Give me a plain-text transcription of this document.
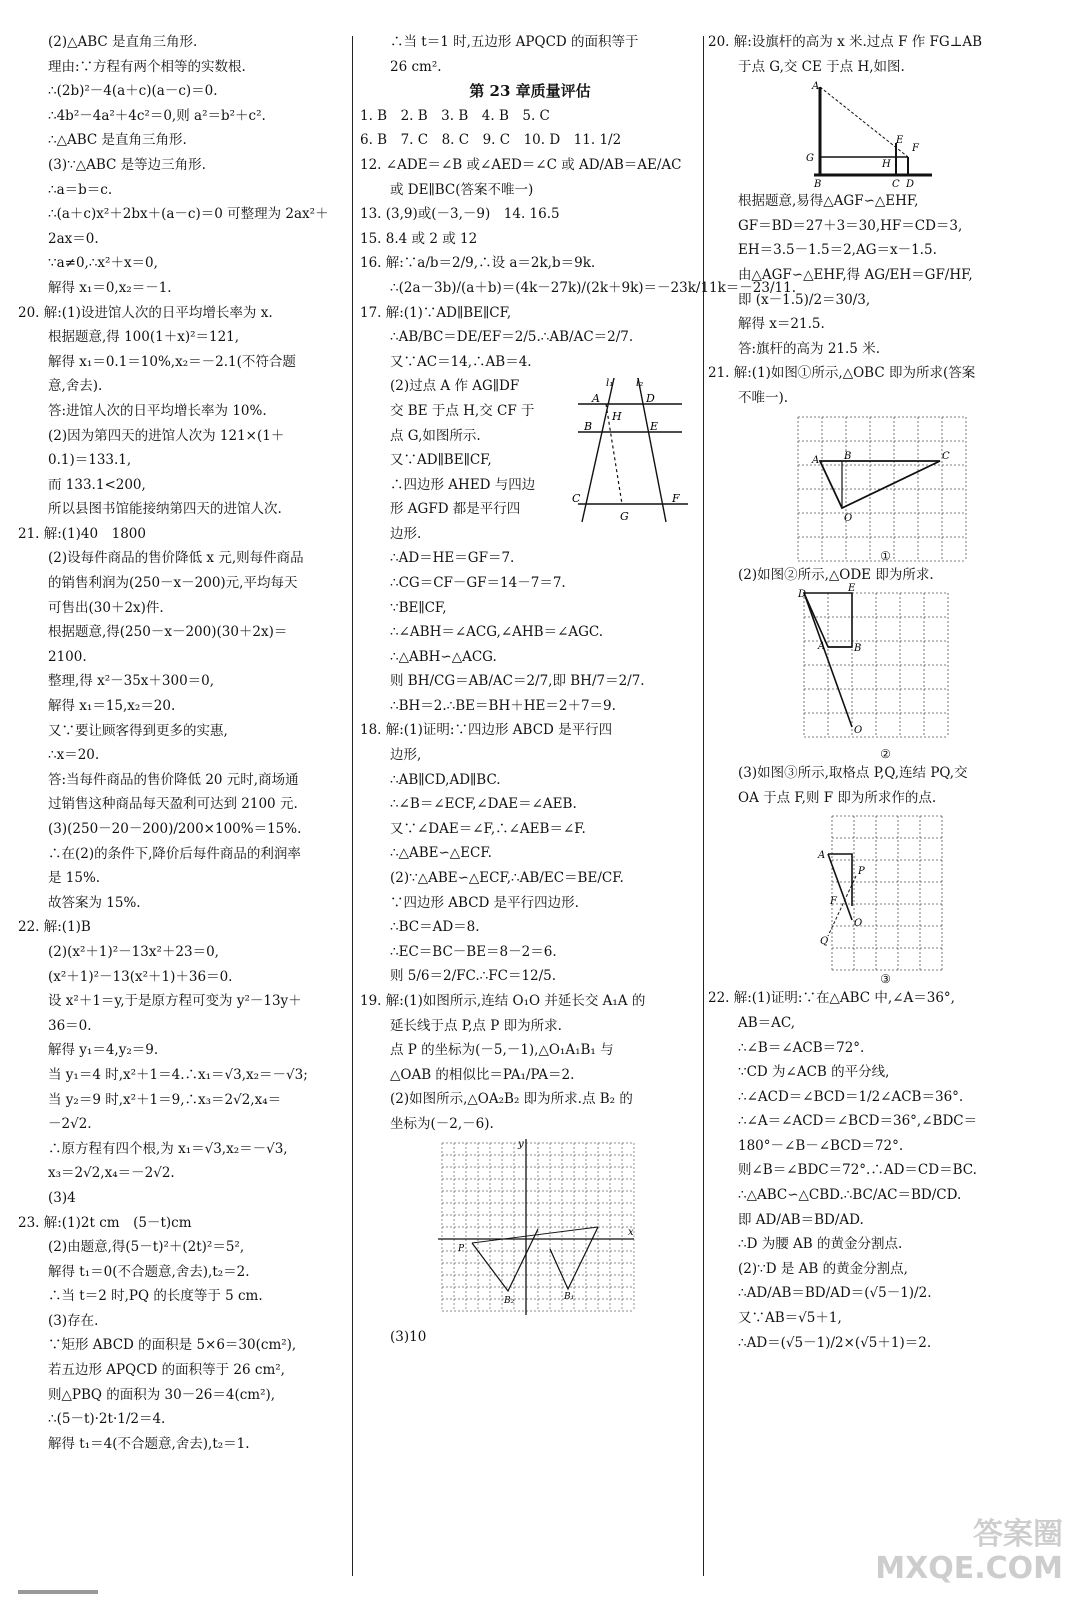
(2)△ABC 是直角三角形.
理由:∵方程有两个相等的实数根.
∴(2b)²－4(a＋c)(a－c)＝0.
∴4b²－4a²＋4c²＝0,则 a²＝b²＋c².
∴△ABC 是直角三角形.
(3)∵△ABC 是等边三角形.
∴a＝b＝c.
∴(a＋c)x²＋2bx＋(a－c)＝0 可整理为 2ax²＋
2ax＝0.
∵a≠0,∴x²＋x＝0,
解得 x₁＝0,x₂＝－1.
20. 解:(1)设进馆人次的日平均增长率为 x.
根据题意,得 100(1＋x)²＝121,
解得 x₁＝0.1＝10%,x₂＝－2.1(不符合题
意,舍去).
答:进馆人次的日平均增长率为 10%.
(2)因为第四天的进馆人次为 121×(1＋
0.1)＝133.1,
而 133.1<200,
所以县图书馆能接纳第四天的进馆人次.
21. 解:(1)40　1800
(2)设每件商品的售价降低 x 元,则每件商品
的销售利润为(250－x－200)元,平均每天
可售出(30＋2x)件.
根据题意,得(250－x－200)(30＋2x)＝
2100.
整理,得 x²－35x＋300＝0,
解得 x₁＝15,x₂＝20.
又∵要让顾客得到更多的实惠,
∴x＝20.
答:当每件商品的售价降低 20 元时,商场通
过销售这种商品每天盈利可达到 2100 元.
(3)(250－20－200)/200×100%＝15%.
∴在(2)的条件下,降价后每件商品的利润率
是 15%.
故答案为 15%.
22. 解:(1)B
(2)(x²＋1)²－13x²＋23＝0,
(x²＋1)²－13(x²＋1)＋36＝0.
设 x²＋1＝y,于是原方程可变为 y²－13y＋
36＝0.
解得 y₁＝4,y₂＝9.
当 y₁＝4 时,x²＋1＝4.∴x₁＝√3,x₂＝－√3;
当 y₂＝9 时,x²＋1＝9,∴x₃＝2√2,x₄＝
－2√2.
∴原方程有四个根,为 x₁＝√3,x₂＝－√3,
x₃＝2√2,x₄＝－2√2.
(3)4
23. 解:(1)2t cm　(5－t)cm
(2)由题意,得(5－t)²＋(2t)²＝5²,
解得 t₁＝0(不合题意,舍去),t₂＝2.
∴当 t＝2 时,PQ 的长度等于 5 cm.
(3)存在.
∵矩形 ABCD 的面积是 5×6＝30(cm²),
若五边形 APQCD 的面积等于 26 cm²,
则△PBQ 的面积为 30－26＝4(cm²),
∴(5－t)·2t·1/2＝4.
解得 t₁＝4(不合题意,舍去),t₂＝1.
∴当 t＝1 时,五边形 APQCD 的面积等于
26 cm².
第 23 章质量评估
1. B　2. B　3. B　4. B　5. C
6. B　7. C　8. C　9. C　10. D　11. 1/2
12. ∠ADE＝∠B 或∠AED＝∠C 或 AD/AB＝AE/AC
或 DE∥BC(答案不唯一)
13. (3,9)或(－3,－9)　14. 16.5
15. 8.4 或 2 或 12
16. 解:∵a/b＝2/9,∴设 a＝2k,b＝9k.
∴(2a－3b)/(a＋b)＝(4k－27k)/(2k＋9k)＝－23k/11k＝－23/11.
17. 解:(1)∵AD∥BE∥CF,
∴AB/BC＝DE/EF＝2/5.∴AB/AC＝2/7.
又∵AC＝14,∴AB＝4.
(2)过点 A 作 AG∥DF
交 BE 于点 H,交 CF 于
点 G,如图所示.
又∵AD∥BE∥CF,
∴四边形 AHED 与四边
形 AGFD 都是平行四
边形.
l₁ l₂
A	D
B
H
E
C	F
G
∴AD＝HE＝GF＝7.
∴CG＝CF－GF＝14－7＝7.
∵BE∥CF,
∴∠ABH＝∠ACG,∠AHB＝∠AGC.
∴△ABH∽△ACG.
则 BH/CG＝AB/AC＝2/7,即 BH/7＝2/7.
∴BH＝2.∴BE＝BH＋HE＝2＋7＝9.
18. 解:(1)证明:∵四边形 ABCD 是平行四
边形,
∴AB∥CD,AD∥BC.
∴∠B＝∠ECF,∠DAE＝∠AEB.
又∵∠DAE＝∠F,∴∠AEB＝∠F.
∴△ABE∽△ECF.
(2)∵△ABE∽△ECF,∴AB/EC＝BE/CF.
∵四边形 ABCD 是平行四边形.
∴BC＝AD＝8.
∴EC＝BC－BE＝8－2＝6.
则 5/6＝2/FC.∴FC＝12/5.
19. 解:(1)如图所示,连结 O₁O 并延长交 A₁A 的
延长线于点 P,点 P 即为所求.
点 P 的坐标为(－5,－1),△O₁A₁B₁ 与
△OAB 的相似比＝PA₁/PA＝2.
(2)如图所示,△OA₂B₂ 即为所求.点 B₂ 的
坐标为(－2,－6).
x
y
P
B₂	B₁
(3)10
20. 解:设旗杆的高为 x 米.过点 F 作 FG⊥AB
于点 G,交 CE 于点 H,如图.
A
G
H
E
F
B	C D
根据题意,易得△AGF∽△EHF,
GF＝BD＝27＋3＝30,HF＝CD＝3,
EH＝3.5－1.5＝2,AG＝x－1.5.
由△AGF∽△EHF,得 AG/EH＝GF/HF,
即 (x－1.5)/2＝30/3,
解得 x＝21.5.
答:旗杆的高为 21.5 米.
21. 解:(1)如图①所示,△OBC 即为所求(答案
不唯一).
A B	C
O
①
(2)如图②所示,△ODE 即为所求.
D
E
A	B
O
②
(3)如图③所示,取格点 P,Q,连结 PQ,交
OA 于点 F,则 F 即为所求作的点.
A
P
F
O
Q
③
22. 解:(1)证明:∵在△ABC 中,∠A＝36°,
AB＝AC,
∴∠B＝∠ACB＝72°.
∵CD 为∠ACB 的平分线,
∴∠ACD＝∠BCD＝1/2∠ACB＝36°.
∴∠A＝∠ACD＝∠BCD＝36°,∠BDC＝
180°－∠B－∠BCD＝72°.
则∠B＝∠BDC＝72°.∴AD＝CD＝BC.
∴△ABC∽△CBD.∴BC/AC＝BD/CD.
即 AD/AB＝BD/AD.
∴D 为腰 AB 的黄金分割点.
(2)∵D 是 AB 的黄金分割点,
∴AD/AB＝BD/AD＝(√5－1)/2.
又∵AB＝√5＋1,
∴AD＝(√5－1)/2×(√5＋1)＝2.
答案圈
MXQE.COM
